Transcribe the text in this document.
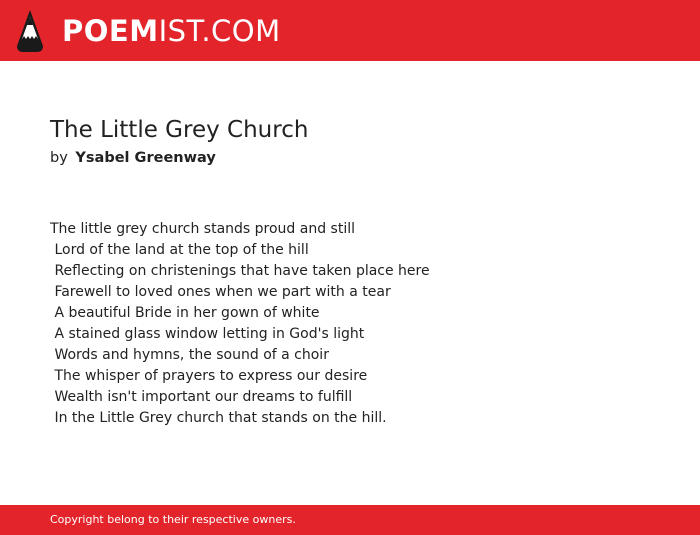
POEM IST.COM
The Little Grey Church
by Ysabel Greenway
The little grey church stands proud and still
Lord of the land at the top of the hill
Reflecting on christenings that have taken place here
Farewell to loved ones when we part with a tear
A beautiful Bride in her gown of white
A stained glass window letting in God's light
Words and hymns, the sound of a choir
The whisper of prayers to express our desire
Wealth isn't important our dreams to fulfill
In the Little Grey church that stands on the hill.
Copyright belong to their respective owners.
